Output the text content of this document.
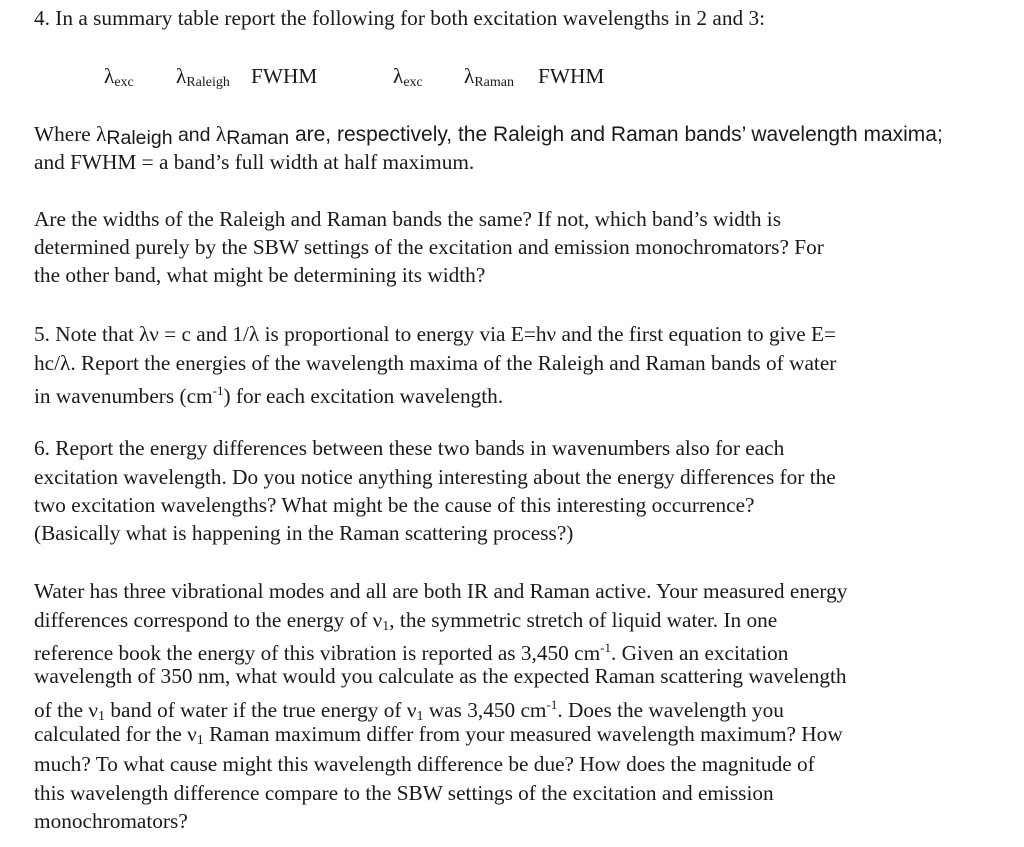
4. In a summary table report the following for both excitation wavelengths in 2 and 3:
$\lambda_{exc}$ $\lambda_{Raleigh}$ FWHM	$\lambda_{exc}$ $\lambda_{Raman}$ FWHM
Where λRaleigh and λRaman are, respectively, the Raleigh and Raman bands’ wavelength maxima;
and FWHM = a band’s full width at half maximum.
Are the widths of the Raleigh and Raman bands the same? If not, which band’s width is
determined purely by the SBW settings of the excitation and emission monochromators? For
the other band, what might be determining its width?
5. Note that λν = c and 1/λ is proportional to energy via E=hν and the first equation to give E=
hc/λ. Report the energies of the wavelength maxima of the Raleigh and Raman bands of water
in wavenumbers $(cm^{-1})$ for each excitation wavelength.
6. Report the energy differences between these two bands in wavenumbers also for each
excitation wavelength. Do you notice anything interesting about the energy differences for the
two excitation wavelengths? What might be the cause of this interesting occurrence?
(Basically what is happening in the Raman scattering process?)
Water has three vibrational modes and all are both IR and Raman active. Your measured energy
differences correspond to the energy of $\nu_1$, the symmetric stretch of liquid water. In one
reference book the energy of this vibration is reported as 3,450 $cm^{-1}$. Given an excitation
wavelength of 350 nm, what would you calculate as the expected Raman scattering wavelength
of the $\nu_1$ band of water if the true energy of $\nu_1$ was 3,450 $cm^{-1}$. Does the wavelength you
calculated for the $\nu_1$ Raman maximum differ from your measured wavelength maximum? How
much? To what cause might this wavelength difference be due? How does the magnitude of
this wavelength difference compare to the SBW settings of the excitation and emission
monochromators?
